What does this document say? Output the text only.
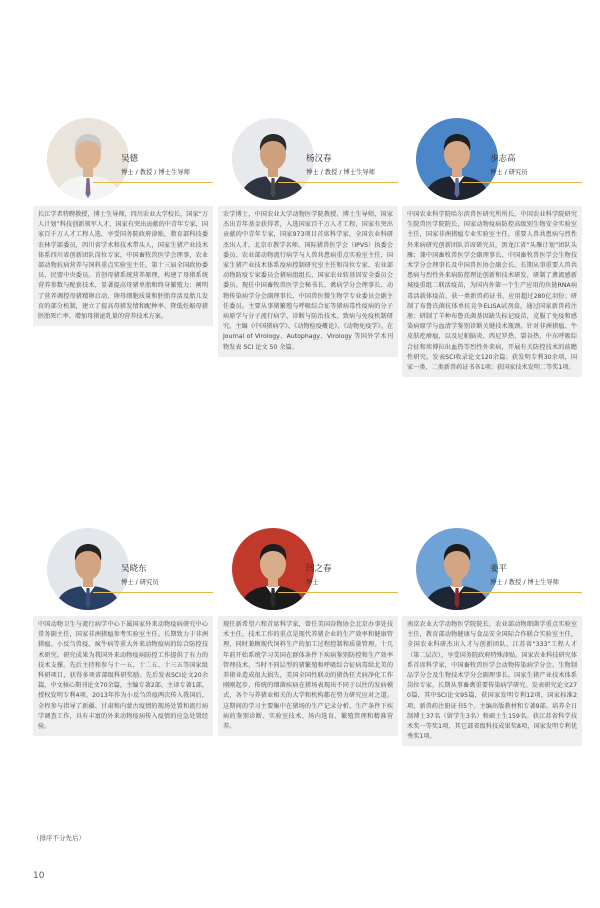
吴德
博士 / 教授 / 博士生导师
长江学者特聘教授，博士生导师，四川农业大学校长，国家“万人计划”科技创新领军人才，国家有突出贡献的中青年专家，国家百千万人才工程人选，享受国务院政府津贴，教育部科技委农林学部委员，四川省学术和技术带头人，国家生猪产业技术体系四川省创新团队岗位专家，中国畜牧兽医学会理事，农业部动物抗病营养与饲料重点实验室主任，第十三届全国政协委员、民盟中央委员。首创母猪系统营养原理，构建了母猪系统营养参数与配套技术，显著提高母猪单胎和终身繁殖力；阐明了营养调控母猪精卵启动、卵母细胞质量和胚胎存活及胎儿发育的部分机制，建立了提高母猪发情和配种率、降低妊娠母猪胚胎死亡率、增加母猪泌乳量的营养技术方案。
杨汉春
博士 / 教授 / 博士生导师
农学博士，中国农业大学动物医学院教授、博士生导师，国家杰出青年基金获得者，入选国家百千万人才工程，国家有突出贡献的中青年专家，国家973项目首席科学家，全国农业科研杰出人才，北京市教学名师。国际猪兽医学会（IPVS）执委会委员、农业部动物流行病学与人兽共患病重点实验室主任、国家生猪产业技术体系疫病控制研究室主任和岗位专家、农业部动物防疫专家委员会猪病组组长、国家农业转基因安全委员会委员。现任中国畜牧兽医学会秘书长、禽病学分会理事长、动物传染病学分会副理事长、中国兽医微生物学专业委员会副主任委员。主要从事猪繁殖与呼吸综合征等猪病毒性疫病的分子病原学与分子流行病学、诊断与防治技术、致病与免疫机制研究。主编《中国猪病学》、《动物检疫概论》、《动物免疫学》。在 Journal of Virology、Autophagy、Virology 等国外学术刊物发表 SCI 论文 50 余篇。
步志高
博士 / 研究员
中国农业科学院哈尔滨兽医研究所所长，中国农业科学院研究生院兽医学院院长，国家动物疫病防控高级别生物安全实验室主任，国家非洲猪瘟专业实验室主任，重要人兽共患病与烈性外来病研究创新团队首席研究员，黑龙江省“头雁计划”团队头雁；兼中国畜牧兽医学会副理事长、中国畜牧兽医学会生物技术学分会理事长及中国兽医协会副会长。长期从事重要人兽共患病与烈性外来病防控理论创新和技术研发，研制了禽流感新城疫重组二联活疫苗，为国内外第一个生产应用的负链RNA病毒活载体疫苗，获一类新兽药证书，应用超过280亿羽份；研制了布鲁氏菌抗体单抗竞争ELISA试剂盒，通过国家新兽药注册；研制了羊种布鲁氏菌基因缺失标记疫苗，克服了免疫和感染病原学与血清学鉴别诊断关键技术瓶颈。针对非洲猪瘟、牛皮肤疙瘩瘟，以及尼帕脑炎、西尼罗热、裂谷热、中东呼吸综合征和埃博拉出血热等烈性外来病，开展有关防控技术的前瞻性研究。发表SCI收录论文120余篇；获发明专利30余项，国家一类、二类新兽药证书各1项；获国家技术发明二等奖1项。
吴晓东
博士 / 研究员
中国动物卫生与流行病学中心下属国家外来动物疫病研究中心常务副主任，国家非洲猪瘟参考实验室主任。长期致力于非洲猪瘟、小反刍兽疫、疯牛病等重大外来动物疫病的综合防控技术研究。研究成果为我国外来动物疫病防控工作提供了有力的技术支撑。先后主持和参与十一五、十二五、十三五等国家级科研项目，获得多项省部级科研奖励。先后发表SCI论文20余篇、中文核心期刊论文70余篇，主编专著2部、主译专著1部，授权发明专利4项。2013年作为小反刍兽疫两次传入我国后，全程参与指导了新疆、甘肃和内蒙古疫情的现场处置和流行病学调查工作，具有丰富的外来动物疫病传入疫情的应急处置经验。
闫之春
博士
现任新希望六和首席科学家，曾任美国谷物协会北京办事处技术主任，技术工作的重点是现代养猪企业的生产效率和健康管理，同时兼顾现代饲料生产的加工过程控制和质量管理。十几年前开始系统学习美国在群体条件下疾病鉴别防控和生产效率管理技术，当时不同层型的猪繁殖和呼吸综合征病毒给北美的养猪业造成很大损失，美国全国性联动的猪伪狂犬病净化工作刚刚起步，传统的细菌疾病在猪场表现出不同于以往的发病模式，各个与养猪业相关的大学和机构都在努力研究应对之道。这期间的学习主要集中在猪场的生产记录分析、生产条件下疾病的鉴别诊断、实验室技术、场内选育、繁殖管理和精准营养。
姜平
博士 / 教授 / 博士生导师
南京农业大学动物医学院院长，农业部动物细菌学重点实验室主任，教育部动物健康与食品安全国际合作联合实验室主任，全国农业科研杰出人才与创新团队，江苏省“333”工程人才（第二层次），享受国务院政府特殊津贴。国家农业科技研究体系首席科学家，中国畜牧兽医学会动物传染病学分会、生物制品学分会及生物技术学分会副理事长。国家生猪产业技术体系岗位专家，长期从事畜禽重要传染病学研究。发表研究论文270篇，其中SCI论文95篇，获国家发明专利12项，国家标准2项，新兽药注册证书5个。主编出版教材和专著9部。培养全日制博士37名（留学生3名）和硕士生159名。获江苏省科学技术奖一等奖1项，其它部省级科技成果奖8项，国家发明专利优秀奖1项。
（排序不分先后）
10
